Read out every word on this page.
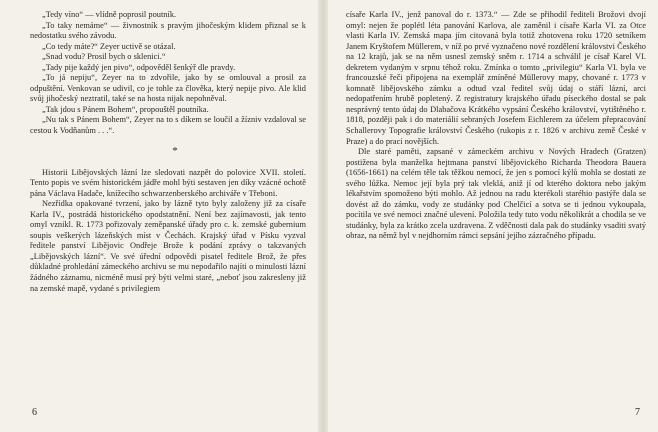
„Tedy víno“ — vlídně poprosil poutník.

„To taky nemáme“ — živnostník s pravým jihočeským klidem přiznal se k nedostatku svého závodu.

„Co tedy máte?“ Zeyer uctivě se otázal.

„Snad vodu? Prosil bych o sklenici.“

„Tady pije každý jen pivo“, odpověděl šenkýř dle pravdy.

„To já nepiju“, Zeyer na to zdvořile, jako by se omlouval a prosil za odpuštění. Venkovan se udivil, co je tohle za člověka, který nepije pivo. Ale klid svůj jihočeský neztratil, také se na hosta nijak nepohněval.

„Tak jdou s Pánem Bohem“, propouštěl poutníka.

„Nu tak s Pánem Bohem“, Zeyer na to s díkem se loučil a žízniv vzdaloval se cestou k Vodňanům . . .“.

*

Historii Libějovských lázní lze sledovati nazpět do polovice XVII. století. Tento popis ve svém historickém jádře mohl býti sestaven jen díky vzácné ochotě pána Václava Hadače, knížecího schwarzenberského archiváře v Třeboni.

Nezřídka opakované tvrzení, jako by lázně tyto byly založeny již za císaře Karla IV., postrádá historického opodstatnění. Není bez zajímavosti, jak tento omyl vznikl. R. 1773 pořizovaly zeměpanské úřady pro c. k. zemské gubernium soupis veškerých lázeňských míst v Čechách. Krajský úřad v Písku vyzval ředitele panství Libějovic Ondřeje Brože k podání zprávy o takzvaných „Libějovských lázní“. Ve své úřední odpovědi pisatel ředitele Brož, že přes důkladné prohledání zámeckého archivu se mu nepodařilo najíti o minulosti lázní žádného záznamu, nicméně musí prý býti velmi staré, „neboť jsou zakresleny již na zemské mapě, vydané s privilegiem

6

císaře Karla IV., jenž panoval do r. 1373.“ — Zde se přihodil řediteli Brožovi dvojí omyl: nejen že poplétl léta panování Karlova, ale zaměnil i císaře Karla VI. za Otce vlasti Karla IV. Zemská mapa jím citovaná byla totiž zhotovena roku 1720 setníkem Janem Kryštofem Müllerem, v níž po prvé vyznačeno nové rozdělení královstvi Českého na 12 krajů, jak se na něm usnesl zemský sněm r. 1714 a schválil je císař Karel VI. dekretem vydaným v srpnu téhož roku. Zmínka o tomto „privilegiu“ Karla VI. byla ve francouzské řeči připojena na exemplář zmíněné Müllerovy mapy, chované r. 1773 v komnatě libějovského zámku a odtud vzal ředitel svůj údaj o stáří lázní, arci nedopatřením hrubě popletený. Z registratury krajského úřadu píseckého dostal se pak nesprávný tento údaj do Dlabačova Krátkého vypsání Českého království, vytištěného r. 1818, později pak i do materiálií sebraných Josefem Eichlerem za účelem přepracování Schallerovy Topografie království Českého (rukopis z r. 1826 v archivu země České v Praze) a do prací novějších.

Dle staré paměti, zapsané v zámeckém archivu v Nových Hradech (Gratzen) postižena byla manželka hejtmana panství libějovického Richarda Theodora Bauera (1656-1661) na celém těle tak těžkou nemocí, že jen s pomocí kýlů mohla se dostati ze svého lůžka. Nemoc její byla prý tak vleklá, aniž jí od kterého doktora nebo jakým lékařstvím spomoženo býti mohlo. Až jednou na radu kterékoli staréhio pastýře dala se dovést až do zámku, vody ze studánky pod Chelčicí a sotva se ti jednou vykoupala, pocítila ve své nemoci značné ulevení. Položila tedy tuto vodu několikrát a chodila se ve studánky, byla za krátko zcela uzdravena. Z vděčnosti dala pak do studánky vsaditi svatý obraz, na němž byl v nejdhorním rámci sepsání jejího zázračného případu.

7
